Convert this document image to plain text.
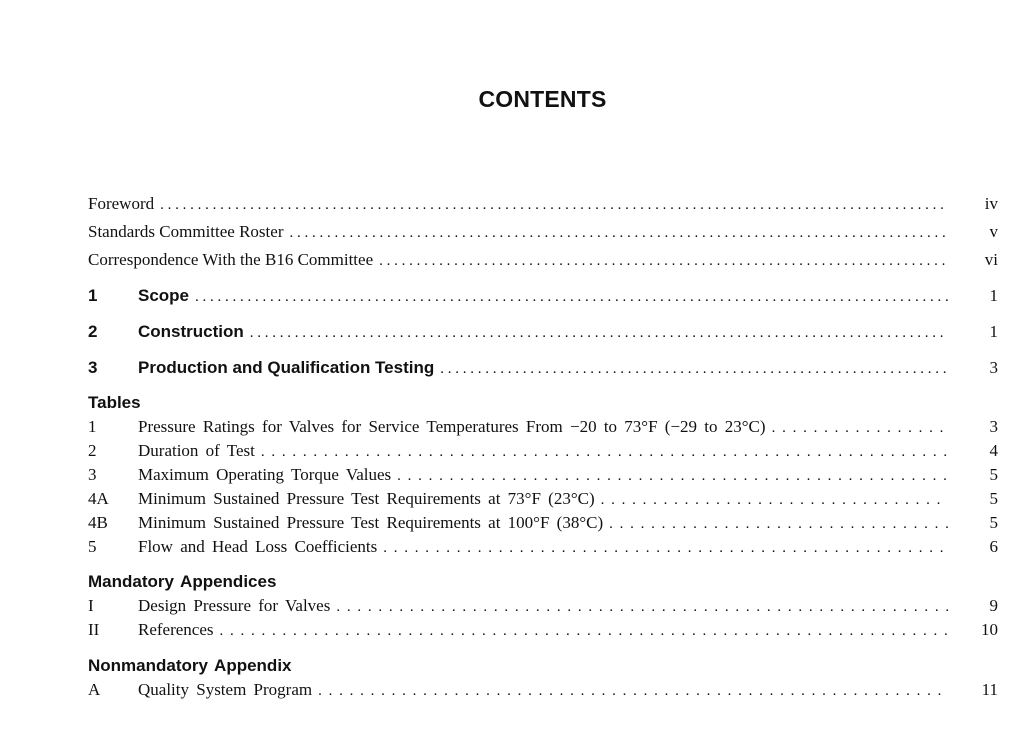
CONTENTS
Foreword . . .	iv
Standards Committee Roster . . .	v
Correspondence With the B16 Committee . . .	vi
1	Scope . . .	1
2	Construction . . .	1
3	Production and Qualification Testing . . .	3
Tables
1	Pressure Ratings for Valves for Service Temperatures From −20 to 73°F (−29 to 23°C) . . .	3
2	Duration of Test . . .	4
3	Maximum Operating Torque Values . . .	5
4A	Minimum Sustained Pressure Test Requirements at 73°F (23°C) . . .	5
4B	Minimum Sustained Pressure Test Requirements at 100°F (38°C) . . .	5
5	Flow and Head Loss Coefficients . . .	6
Mandatory Appendices
I	Design Pressure for Valves . . .	9
II	References . . .	10
Nonmandatory Appendix
A	Quality System Program . . .	11
